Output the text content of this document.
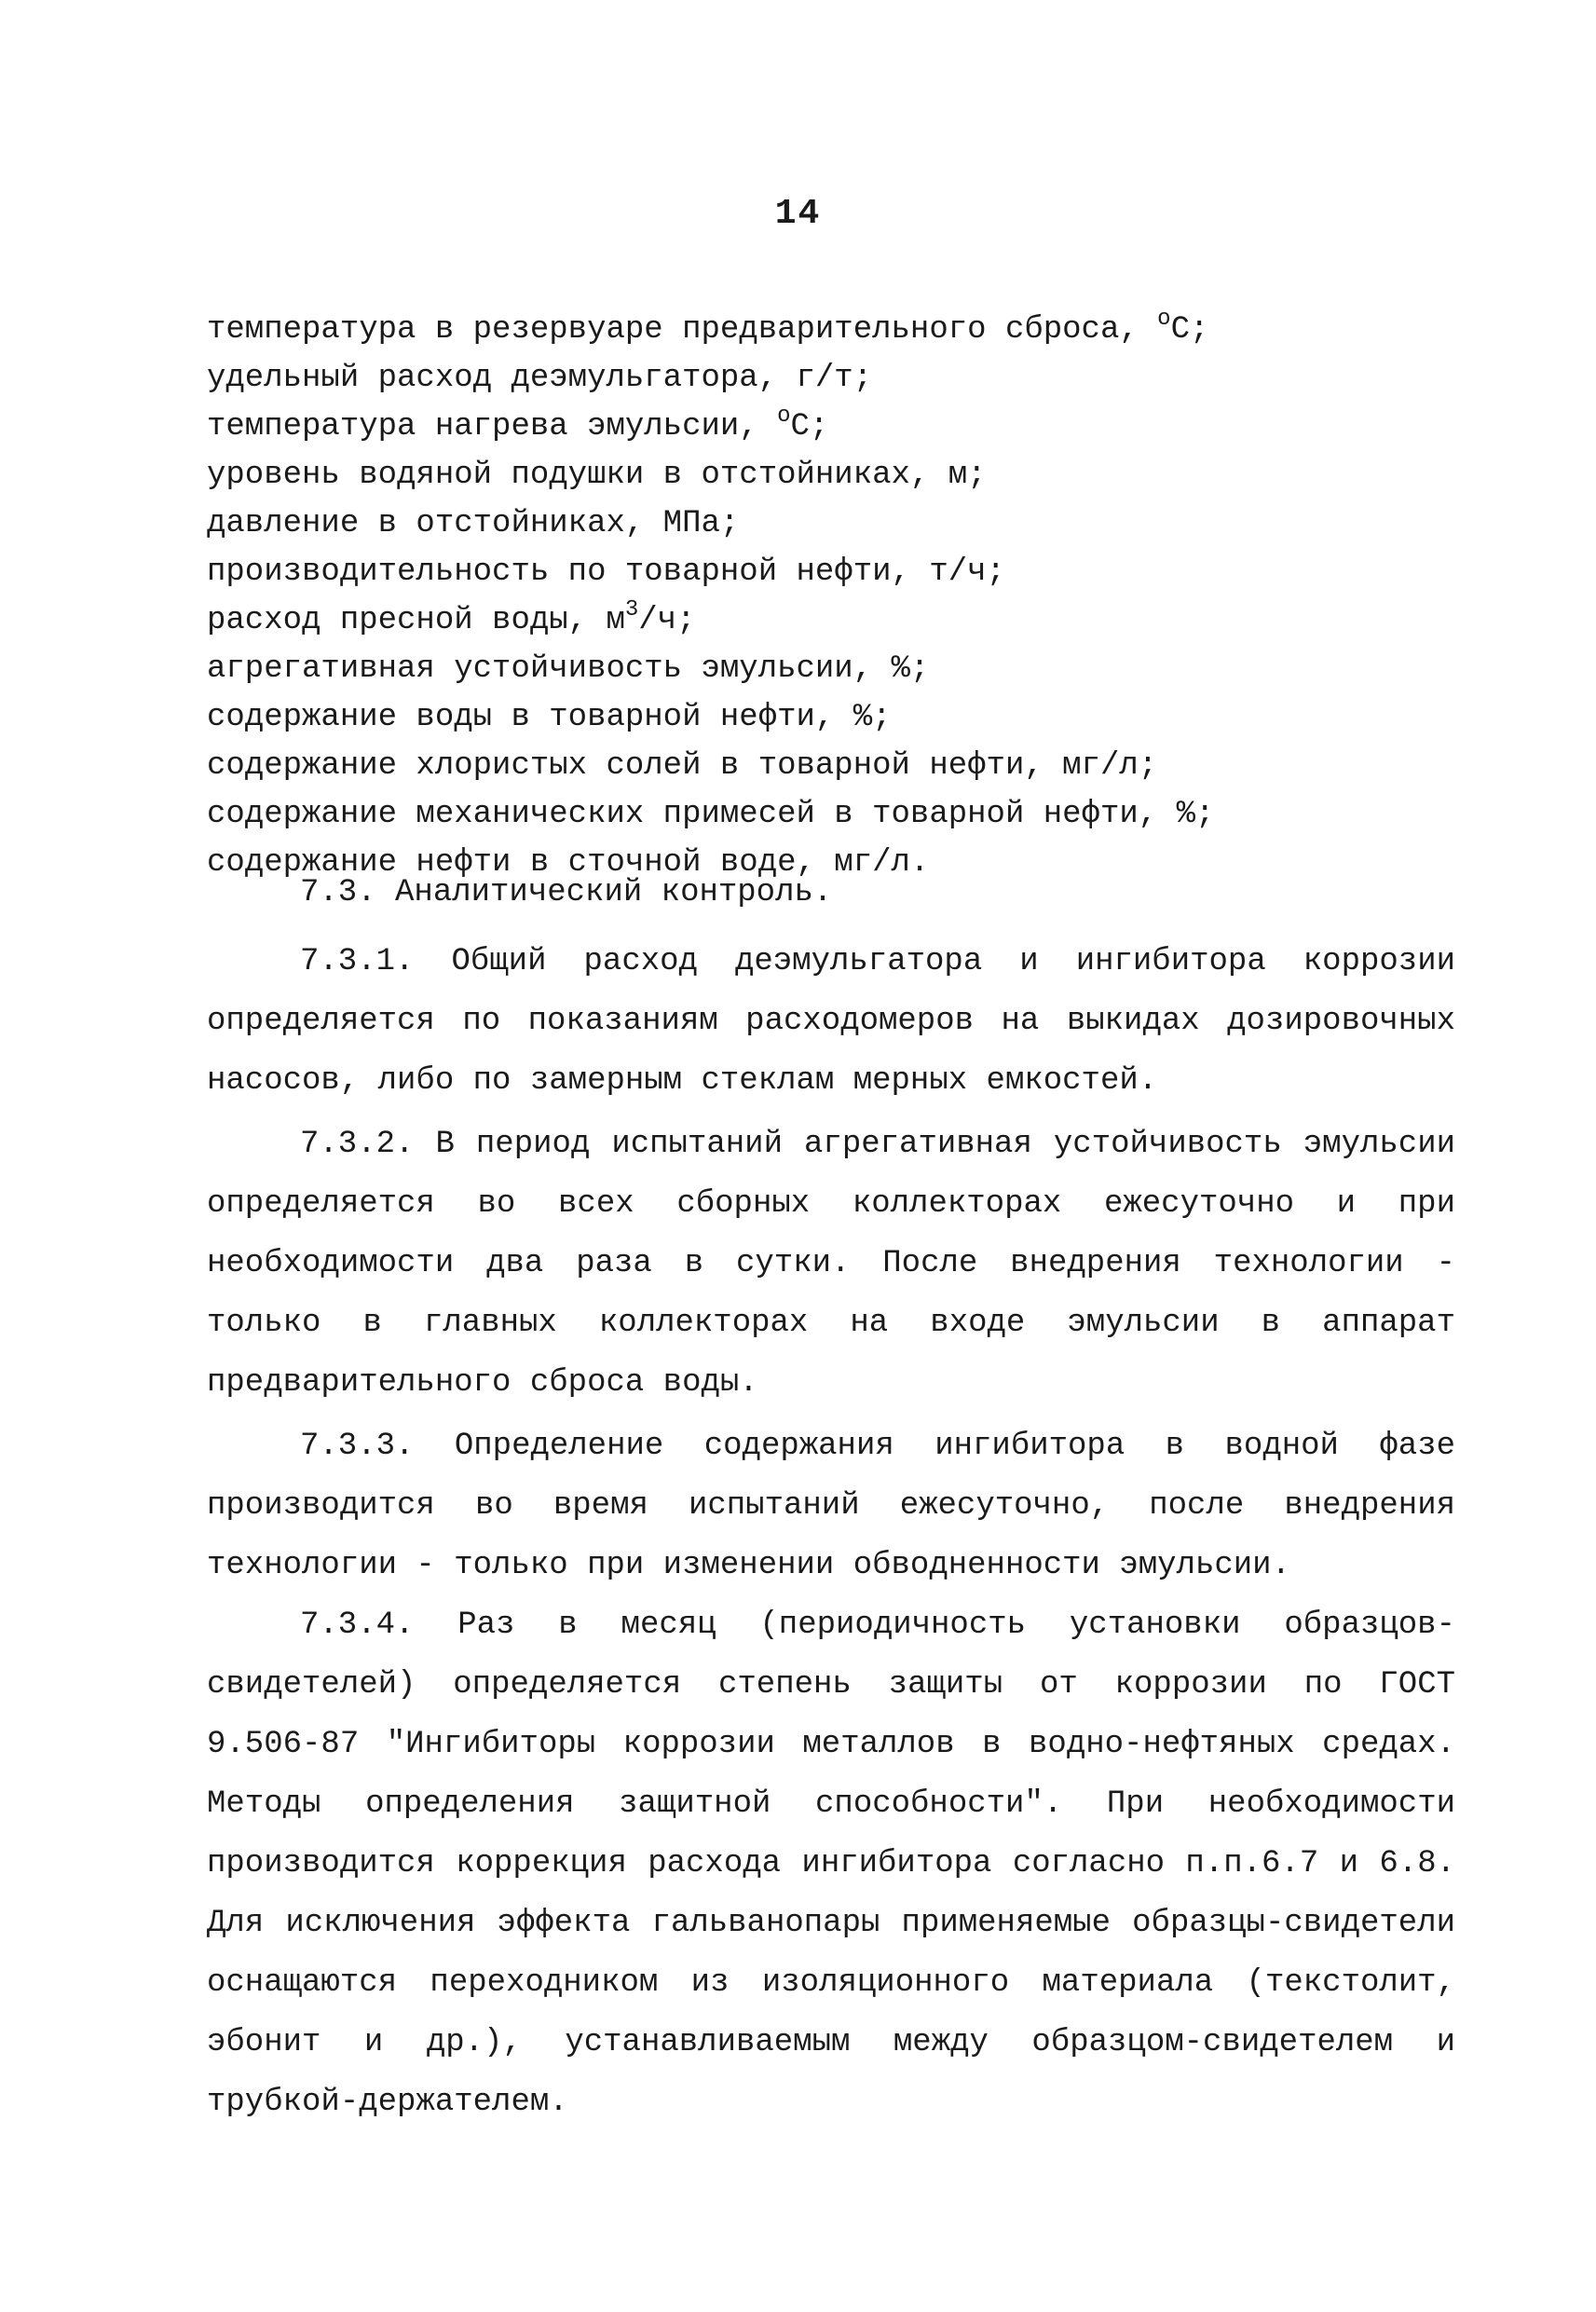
14
температура в резервуаре предварительного сброса, $^о$С;
удельный расход деэмульгатора, г/т;
температура нагрева эмульсии, $^о$С;
уровень водяной подушки в отстойниках, м;
давление в отстойниках, МПа;
производительность по товарной нефти, т/ч;
расход пресной воды, $м^3/ч$;
агрегативная устойчивость эмульсии, %;
содержание воды в товарной нефти, %;
содержание хлористых солей в товарной нефти, мг/л;
содержание механических примесей в товарной нефти, %;
содержание нефти в сточной воде, мг/л.
7.3. Аналитический контроль.

7.3.1. Общий расход деэмульгатора и ингибитора коррозии определяется по показаниям расходомеров на выкидах дозировочных насосов, либо по замерным стеклам мерных емкостей.

7.3.2. В период испытаний агрегативная устойчивость эмульсии определяется во всех сборных коллекторах ежесуточно и при необходимости два раза в сутки. После внедрения технологии - только в главных коллекторах на входе эмульсии в аппарат предварительного сброса воды.

7.3.3. Определение содержания ингибитора в водной фазе производится во время испытаний ежесуточно, после внедрения технологии - только при изменении обводненности эмульсии.

7.3.4. Раз в месяц (периодичность установки образцов-свидетелей) определяется степень защиты от коррозии по ГОСТ 9.506-87 "Ингибиторы коррозии металлов в водно-нефтяных средах. Методы определения защитной способности". При необходимости производится коррекция расхода ингибитора согласно п.п.6.7 и 6.8. Для исключения эффекта гальванопары применяемые образцы-свидетели оснащаются переходником из изоляционного материала (текстолит, эбонит и др.), устанавливаемым между образцом-свидетелем и трубкой-держателем.
